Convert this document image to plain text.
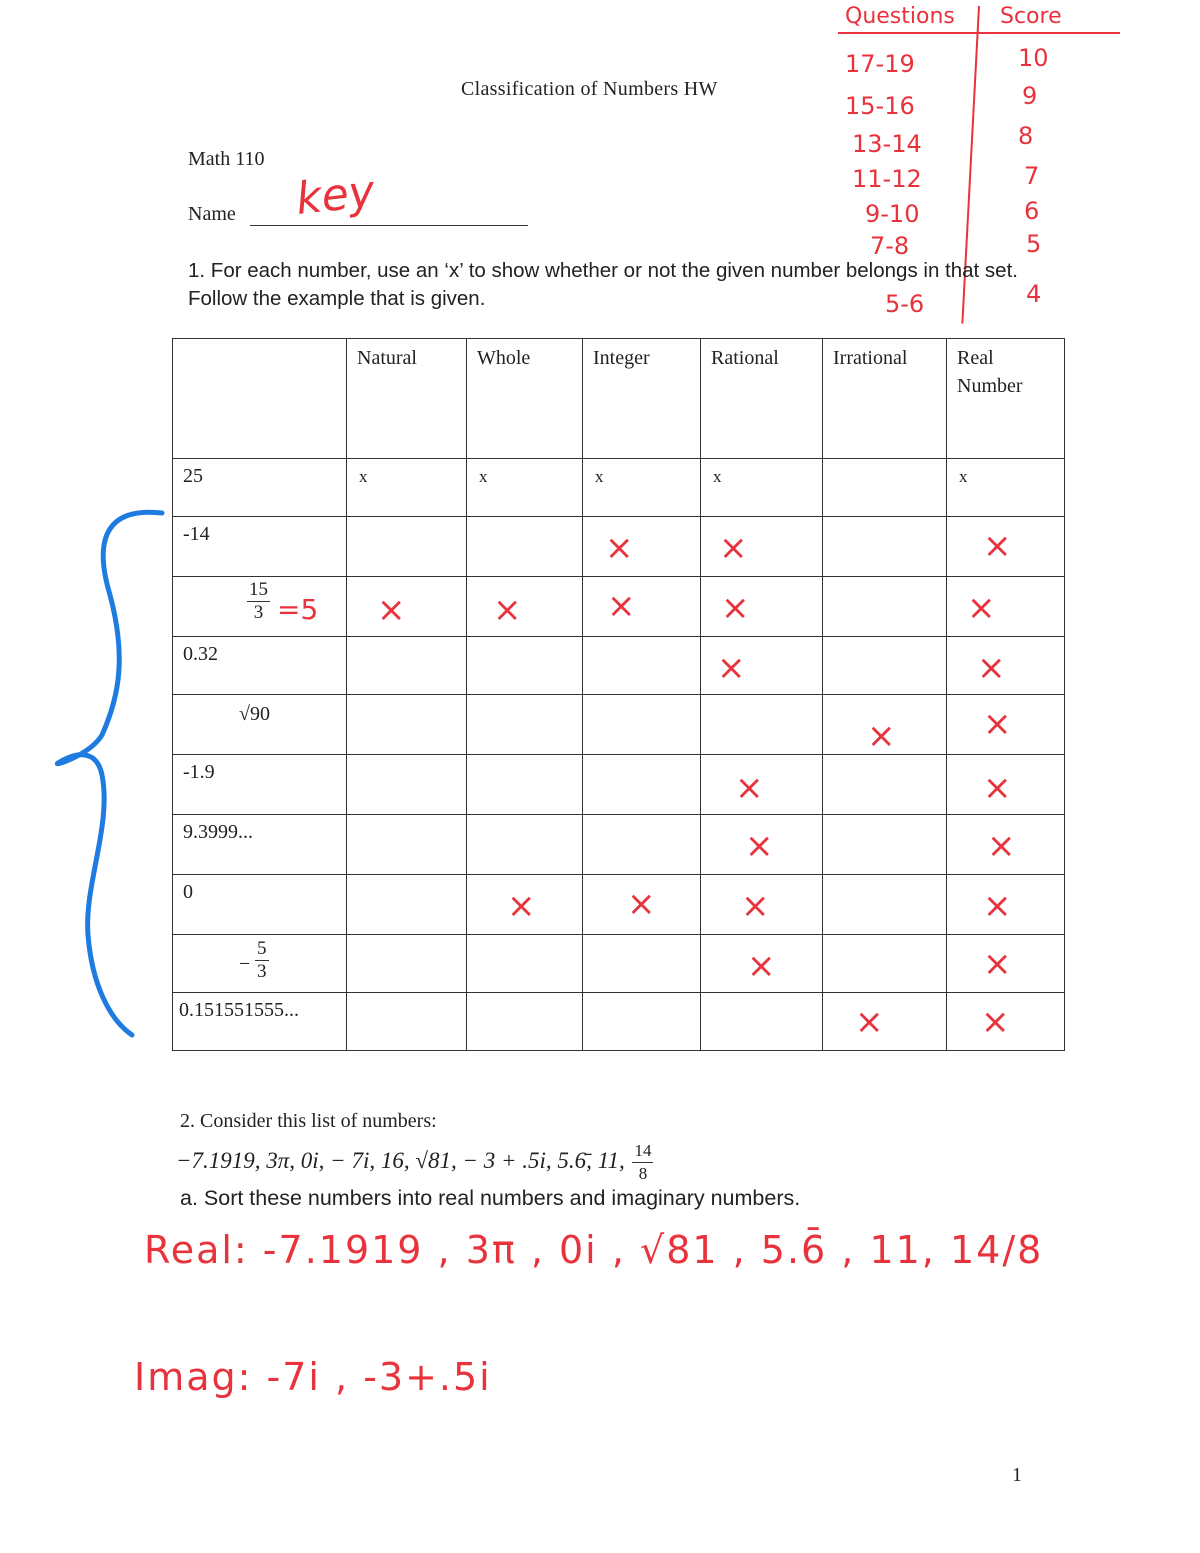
Classification of Numbers HW
Math 110
Name key
Questions Score
17-19	10
15-16	9
13-14	8
11-12	7
9-10	6
7-8	5
5-6	4
1. For each number, use an ‘x’ to show whether or not the given number belongs in that set. Follow the example that is given.
	Natural	Whole	Integer	Rational	Irrational	Real Number
25	x	x	x	x		x

-14			×	×		×

$\frac{15}{3} =5$	×	×	×	×		×

0.32				×		×

√90					×	×

-1.9				×		×

9.3999...				×		×

0		×	×	×		×

− $\frac{5}{3}$				×		×

0.151551555...					×	×
2. Consider this list of numbers:
−7.1919, 3π, 0i, − 7i, 16, √81, − 3 + .5i, 5.6̄, 11, $\frac{14}{8}$
a. Sort these numbers into real numbers and imaginary numbers.
Real: -7.1919 , 3π , 0i , √81 , 5.6̄ , 11, 14/8
Imag: -7i , -3+.5i
1
